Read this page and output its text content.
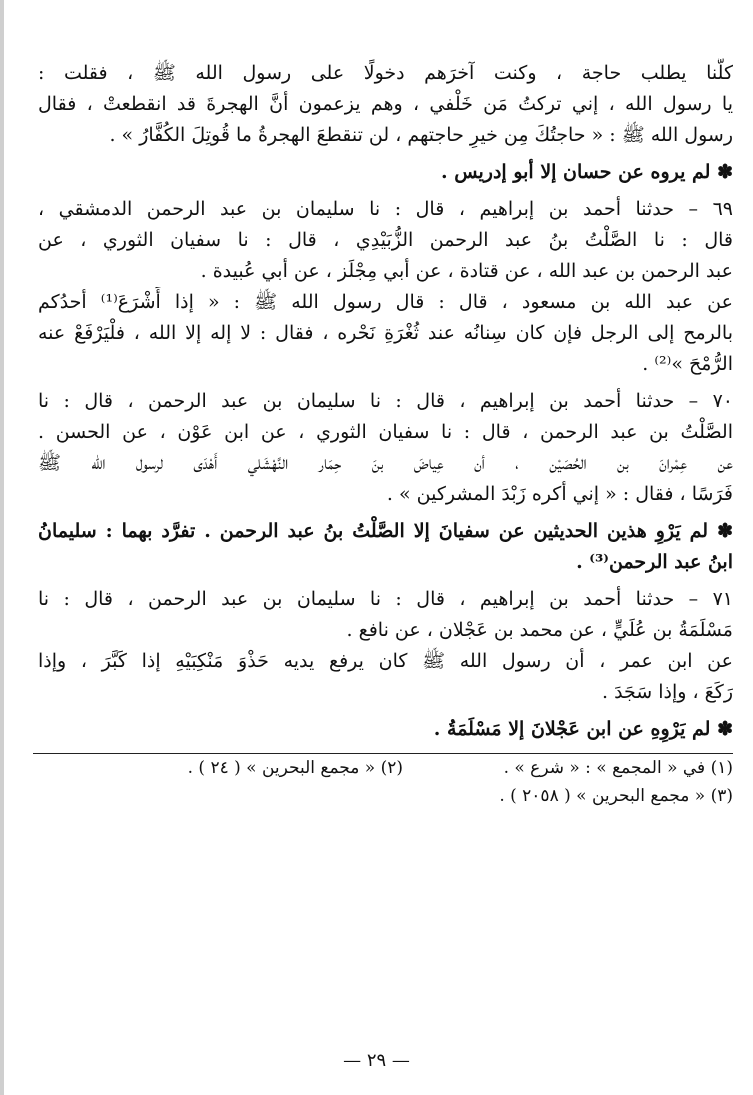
كلُّنا يطلب حاجة ، وكنت آخرَهم دخولًا على رسول الله ﷺ ، فقلت :
يا رسول الله ، إني تركتُ مَن خَلْفي ، وهم يزعمون أنَّ الهجرةَ قد انقطعتْ ، فقال
رسول الله ﷺ : « حاجتُكَ مِن خيرِ حاجتهم ، لن تنقطعَ الهجرةُ ما قُوتِلَ الكُفَّارُ » .
✽ لم يروه عن حسان إلا أبو إدريس .
٦٩ – حدثنا أحمد بن إبراهيم ، قال : نا سليمان بن عبد الرحمن الدمشقي ،
قال : نا الصَّلْتُ بنُ عبد الرحمن الزُّبَيْدِي ، قال : نا سفيان الثوري ، عن
عبد الرحمن بن عبد الله ، عن قتادة ، عن أبي مِجْلَز ، عن أبي عُبيدة .
عن عبد الله بن مسعود ، قال : قال رسول الله ﷺ : « إذا أَشْرَعَ⁽¹⁾ أحدُكم
بالرمح إلى الرجل فإن كان سِنانُه عند ثُغْرَةِ نَحْره ، فقال : لا إله إلا الله ، فلْيَرْفَعْ عنه
الرُّمْحَ »⁽²⁾ .
٧٠ – حدثنا أحمد بن إبراهيم ، قال : نا سليمان بن عبد الرحمن ، قال : نا
الصَّلْتُ بن عبد الرحمن ، قال : نا سفيان الثوري ، عن ابن عَوْن ، عن الحسن .
عن عِمْرانَ بن الحُصَيْن ، أن عِياضَ بنَ حِمَار النَّهْشَلي أَهْدَى لرسول الله ﷺ
فَرَسًا ، فقال : « إني أكره زَبْدَ المشركين » .
✽ لم يَرْوِ هذين الحديثين عن سفيانَ إلا الصَّلْتُ بنُ عبد الرحمن . تفرَّد بهما : سليمانُ
ابنُ عبد الرحمن⁽³⁾ .
٧١ – حدثنا أحمد بن إبراهيم ، قال : نا سليمان بن عبد الرحمن ، قال : نا
مَسْلَمَةُ بن عُلَيٍّ ، عن محمد بن عَجْلان ، عن نافع .
عن ابن عمر ، أن رسول الله ﷺ كان يرفع يديه حَذْوَ مَنْكِبَيْهِ إذا كَبَّرَ ، وإذا
رَكَعَ ، وإذا سَجَدَ .
✽ لم يَرْوِهِ عن ابن عَجْلانَ إلا مَسْلَمَةُ .
(١) في « المجمع » : « شرع » .
(٢) « مجمع البحرين » ( ٢٤ ) .
(٣) « مجمع البحرين » ( ٢٠٥٨ ) .
— ٢٩ —
